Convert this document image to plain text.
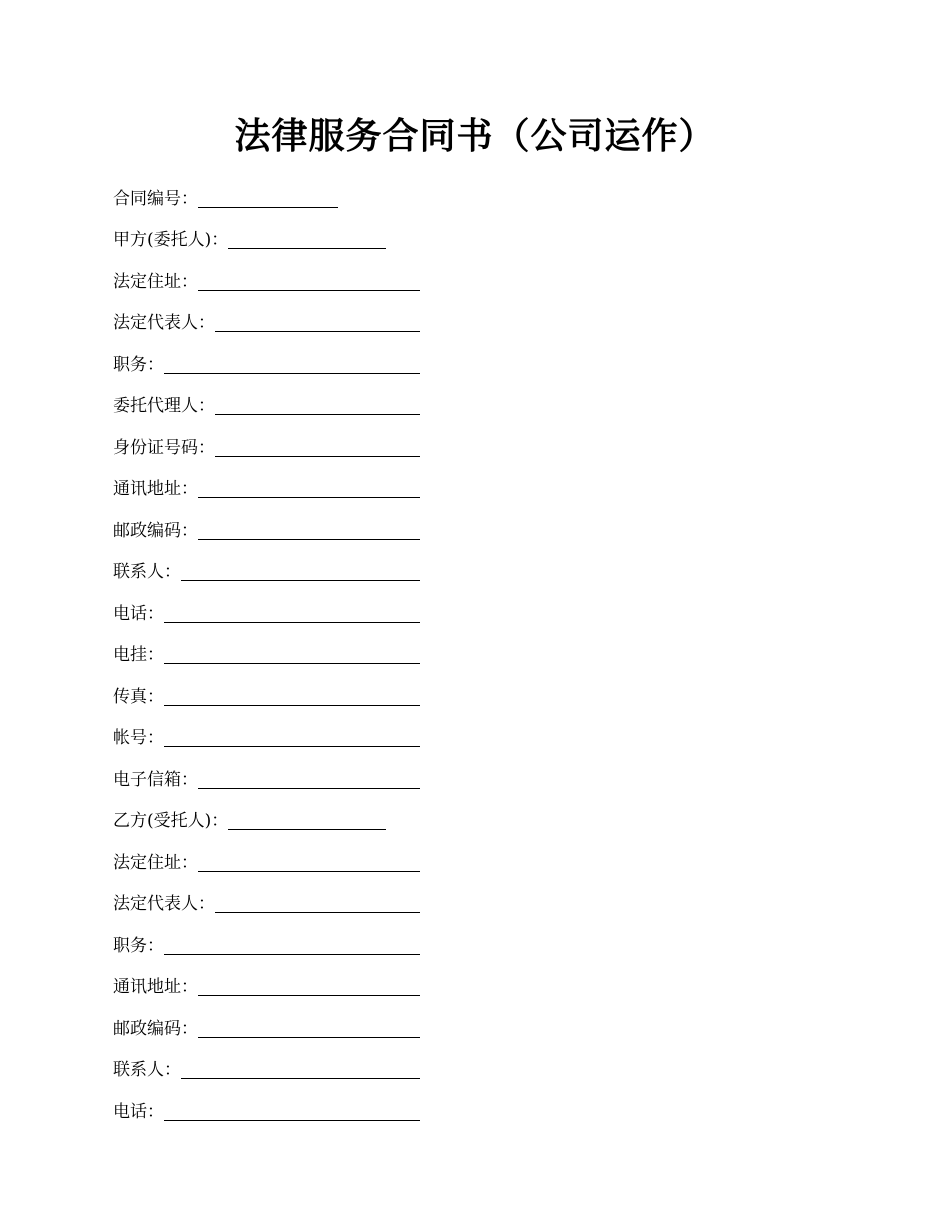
法律服务合同书（公司运作）
合同编号：
甲方(委托人)：
法定住址：
法定代表人：
职务：
委托代理人：
身份证号码：
通讯地址：
邮政编码：
联系人：
电话：
电挂：
传真：
帐号：
电子信箱：
乙方(受托人)：
法定住址：
法定代表人：
职务：
通讯地址：
邮政编码：
联系人：
电话：
